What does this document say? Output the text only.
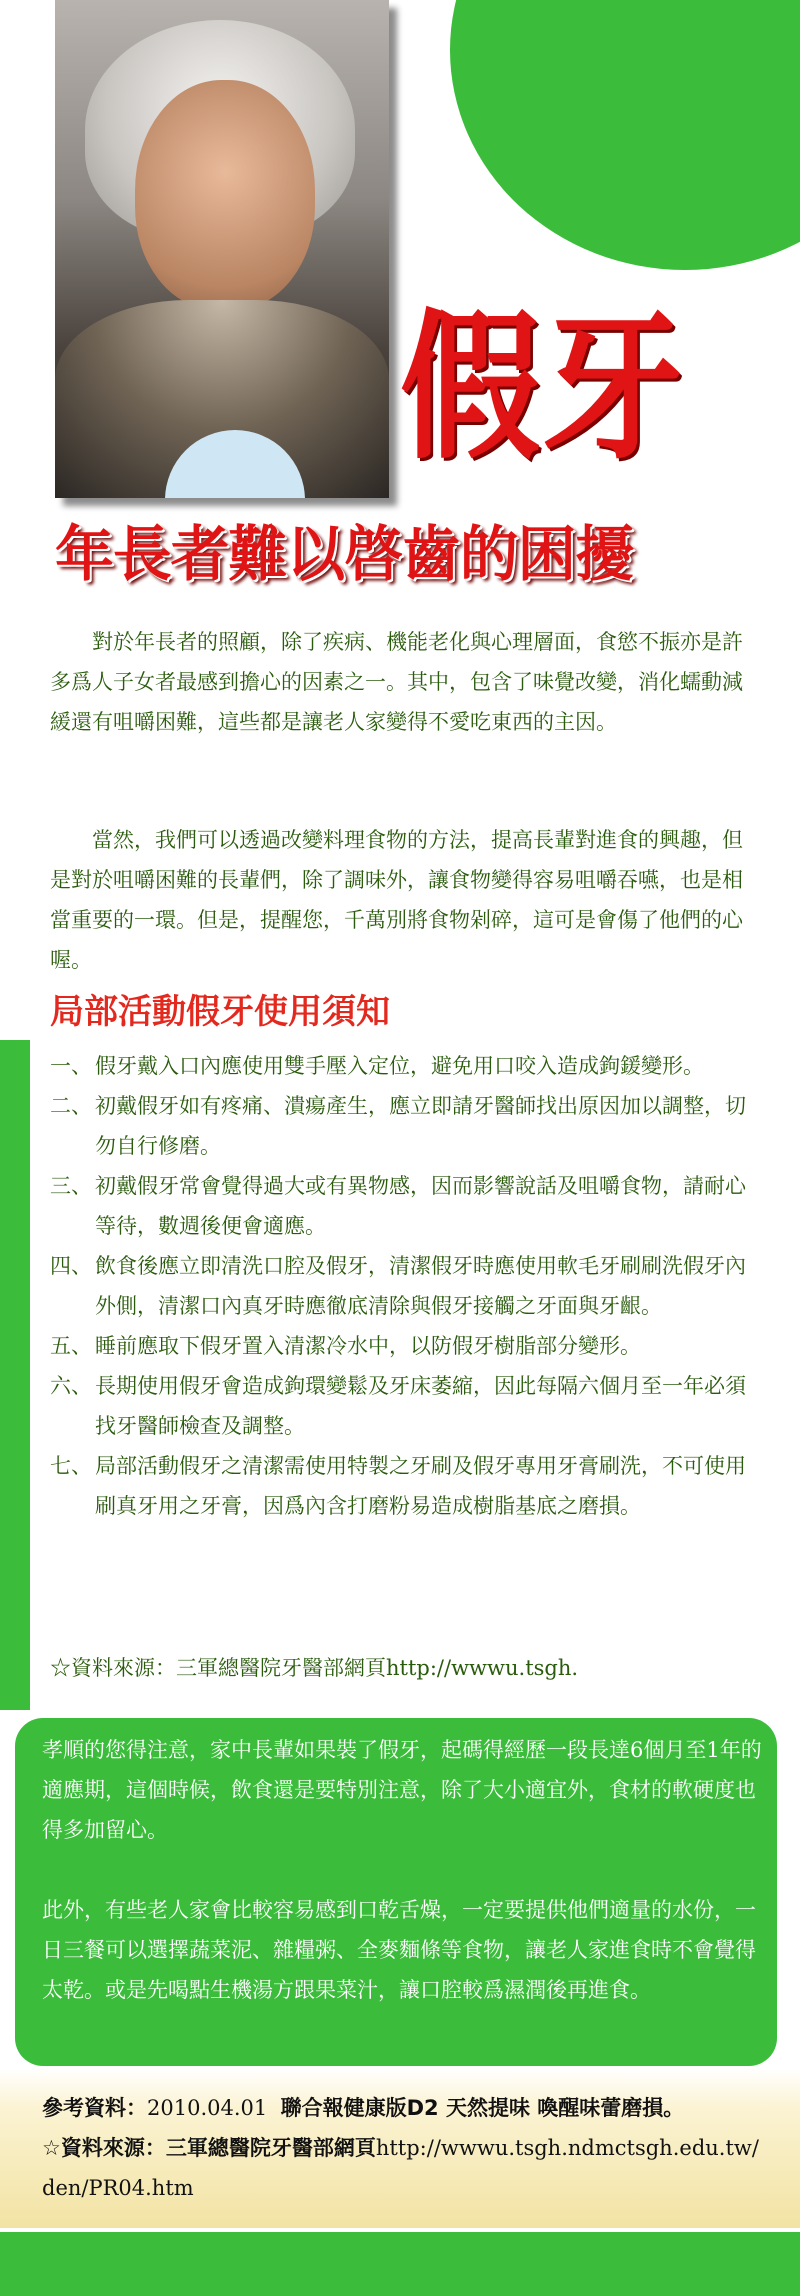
假牙
年長者難以啓齒的困擾

對於年長者的照顧，除了疾病、機能老化與心理層面，食慾不振亦是許多爲人子女者最感到擔心的因素之一。其中，包含了味覺改變，消化蠕動減緩還有咀嚼困難，這些都是讓老人家變得不愛吃東西的主因。

當然，我們可以透過改變料理食物的方法，提高長輩對進食的興趣，但是對於咀嚼困難的長輩們，除了調味外，讓食物變得容易咀嚼吞嚥，也是相當重要的一環。但是，提醒您，千萬別將食物剁碎，這可是會傷了他們的心喔。

局部活動假牙使用須知
一、 假牙戴入口內應使用雙手壓入定位，避免用口咬入造成鉤鍰變形。
二、 初戴假牙如有疼痛、潰瘍產生，應立即請牙醫師找出原因加以調整，切勿自行修磨。
三、 初戴假牙常會覺得過大或有異物感，因而影響說話及咀嚼食物，請耐心等待，數週後便會適應。
四、 飲食後應立即清洗口腔及假牙，清潔假牙時應使用軟毛牙刷刷洗假牙內外側，清潔口內真牙時應徹底清除與假牙接觸之牙面與牙齦。
五、 睡前應取下假牙置入清潔冷水中，以防假牙樹脂部分變形。
六、 長期使用假牙會造成鉤環變鬆及牙床萎縮，因此每隔六個月至一年必須找牙醫師檢查及調整。
七、 局部活動假牙之清潔需使用特製之牙刷及假牙專用牙膏刷洗，不可使用刷真牙用之牙膏，因爲內含打磨粉易造成樹脂基底之磨損。
☆資料來源：三軍總醫院牙醫部網頁http://wwwu.tsgh.

孝順的您得注意，家中長輩如果裝了假牙，起碼得經歷一段長達6個月至1年的適應期，這個時候，飲食還是要特別注意，除了大小適宜外，食材的軟硬度也得多加留心。

此外，有些老人家會比較容易感到口乾舌燥，一定要提供他們適量的水份，一日三餐可以選擇蔬菜泥、雜糧粥、全麥麵條等食物，讓老人家進食時不會覺得太乾。或是先喝點生機湯方跟果菜汁，讓口腔較爲濕潤後再進食。

參考資料：2010.04.01 聯合報健康版D2 天然提味 喚醒味蕾磨損。
☆資料來源：三軍總醫院牙醫部網頁http://wwwu.tsgh.ndmctsgh.edu.tw/den/PR04.htm
